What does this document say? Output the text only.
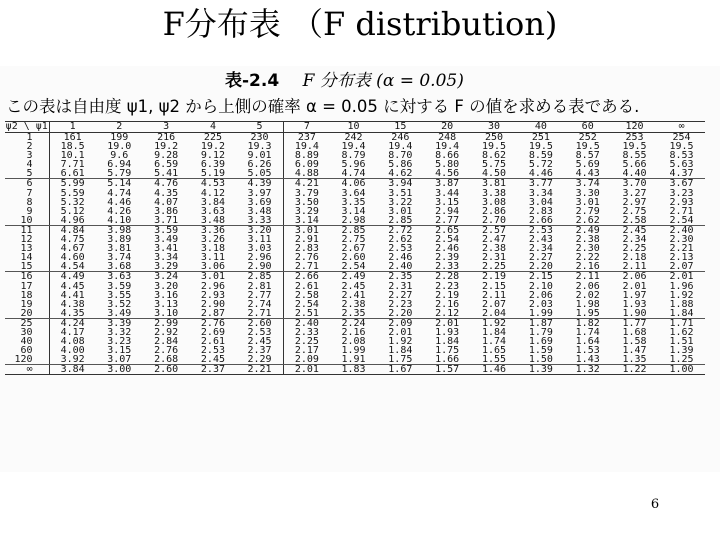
F分布表 （F distribution)
表-2.4 F 分布表 (α = 0.05)
この表は自由度 ψ1, ψ2 から上側の確率 α = 0.05 に対する F の値を求める表である.
ψ2 \ ψ1	1	2	3	4	5	7	10	15	20	30	40	60	120	∞
1	161	199	216	225	230	237	242	246	248	250	251	252	253	254
2	18.5	19.0	19.2	19.2	19.3	19.4	19.4	19.4	19.4	19.5	19.5	19.5	19.5	19.5
3	10.1	9.6	9.28	9.12	9.01	8.89	8.79	8.70	8.66	8.62	8.59	8.57	8.55	8.53
4	7.71	6.94	6.59	6.39	6.26	6.09	5.96	5.86	5.80	5.75	5.72	5.69	5.66	5.63
5	6.61	5.79	5.41	5.19	5.05	4.88	4.74	4.62	4.56	4.50	4.46	4.43	4.40	4.37
6	5.99	5.14	4.76	4.53	4.39	4.21	4.06	3.94	3.87	3.81	3.77	3.74	3.70	3.67
7	5.59	4.74	4.35	4.12	3.97	3.79	3.64	3.51	3.44	3.38	3.34	3.30	3.27	3.23
8	5.32	4.46	4.07	3.84	3.69	3.50	3.35	3.22	3.15	3.08	3.04	3.01	2.97	2.93
9	5.12	4.26	3.86	3.63	3.48	3.29	3.14	3.01	2.94	2.86	2.83	2.79	2.75	2.71
10	4.96	4.10	3.71	3.48	3.33	3.14	2.98	2.85	2.77	2.70	2.66	2.62	2.58	2.54
11	4.84	3.98	3.59	3.36	3.20	3.01	2.85	2.72	2.65	2.57	2.53	2.49	2.45	2.40
12	4.75	3.89	3.49	3.26	3.11	2.91	2.75	2.62	2.54	2.47	2.43	2.38	2.34	2.30
13	4.67	3.81	3.41	3.18	3.03	2.83	2.67	2.53	2.46	2.38	2.34	2.30	2.25	2.21
14	4.60	3.74	3.34	3.11	2.96	2.76	2.60	2.46	2.39	2.31	2.27	2.22	2.18	2.13
15	4.54	3.68	3.29	3.06	2.90	2.71	2.54	2.40	2.33	2.25	2.20	2.16	2.11	2.07
16	4.49	3.63	3.24	3.01	2.85	2.66	2.49	2.35	2.28	2.19	2.15	2.11	2.06	2.01
17	4.45	3.59	3.20	2.96	2.81	2.61	2.45	2.31	2.23	2.15	2.10	2.06	2.01	1.96
18	4.41	3.55	3.16	2.93	2.77	2.58	2.41	2.27	2.19	2.11	2.06	2.02	1.97	1.92
19	4.38	3.52	3.13	2.90	2.74	2.54	2.38	2.23	2.16	2.07	2.03	1.98	1.93	1.88
20	4.35	3.49	3.10	2.87	2.71	2.51	2.35	2.20	2.12	2.04	1.99	1.95	1.90	1.84
25	4.24	3.39	2.99	2.76	2.60	2.40	2.24	2.09	2.01	1.92	1.87	1.82	1.77	1.71
30	4.17	3.32	2.92	2.69	2.53	2.33	2.16	2.01	1.93	1.84	1.79	1.74	1.68	1.62
40	4.08	3.23	2.84	2.61	2.45	2.25	2.08	1.92	1.84	1.74	1.69	1.64	1.58	1.51
60	4.00	3.15	2.76	2.53	2.37	2.17	1.99	1.84	1.75	1.65	1.59	1.53	1.47	1.39
120	3.92	3.07	2.68	2.45	2.29	2.09	1.91	1.75	1.66	1.55	1.50	1.43	1.35	1.25
∞	3.84	3.00	2.60	2.37	2.21	2.01	1.83	1.67	1.57	1.46	1.39	1.32	1.22	1.00
6
